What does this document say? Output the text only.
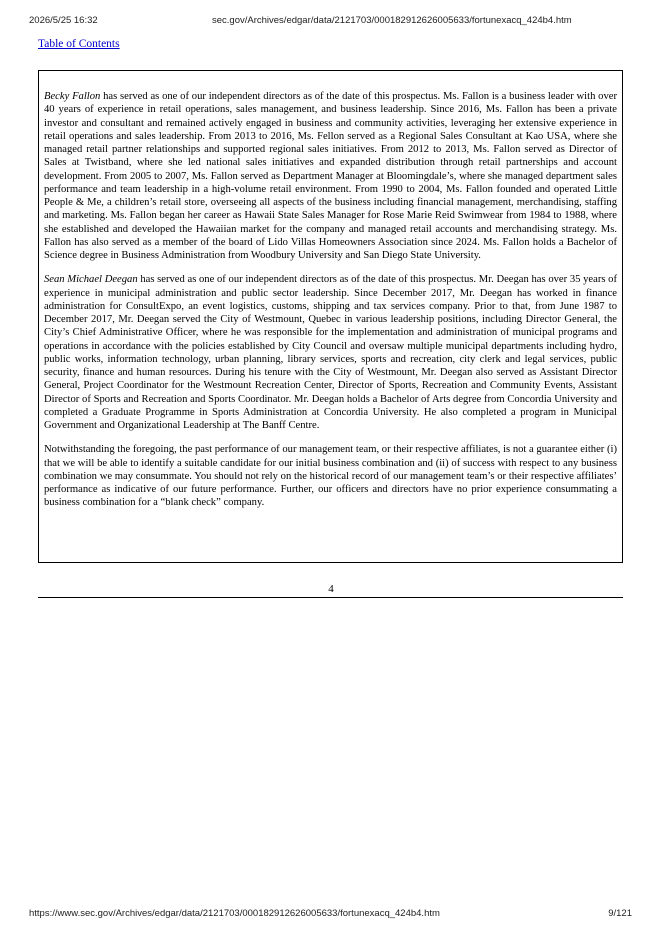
2026/5/25 16:32	sec.gov/Archives/edgar/data/2121703/000182912626005633/fortunexacq_424b4.htm
Table of Contents

Becky Fallon has served as one of our independent directors as of the date of this prospectus. Ms. Fallon is a business leader with over 40 years of experience in retail operations, sales management, and business leadership. Since 2016, Ms. Fallon has been a private investor and consultant and remained actively engaged in business and community activities, leveraging her extensive experience in retail operations and sales leadership. From 2013 to 2016, Ms. Fellon served as a Regional Sales Consultant at Kao USA, where she managed retail partner relationships and supported regional sales initiatives. From 2012 to 2013, Ms. Fallon served as Director of Sales at Twistband, where she led national sales initiatives and expanded distribution through retail partnerships and account development. From 2005 to 2007, Ms. Fallon served as Department Manager at Bloomingdale’s, where she managed department sales performance and team leadership in a high-volume retail environment. From 1990 to 2004, Ms. Fallon founded and operated Little People & Me, a children’s retail store, overseeing all aspects of the business including financial management, merchandising, staffing and marketing. Ms. Fallon began her career as Hawaii State Sales Manager for Rose Marie Reid Swimwear from 1984 to 1988, where she established and developed the Hawaiian market for the company and managed retail accounts and merchandising strategy. Ms. Fallon has also served as a member of the board of Lido Villas Homeowners Association since 2024. Ms. Fallon holds a Bachelor of Science degree in Business Administration from Woodbury University and San Diego State University.

Sean Michael Deegan has served as one of our independent directors as of the date of this prospectus. Mr. Deegan has over 35 years of experience in municipal administration and public sector leadership. Since December 2017, Mr. Deegan has worked in finance administration for ConsultExpo, an event logistics, customs, shipping and tax services company. Prior to that, from June 1987 to December 2017, Mr. Deegan served the City of Westmount, Quebec in various leadership positions, including Director General, the City’s Chief Administrative Officer, where he was responsible for the implementation and administration of municipal programs and operations in accordance with the policies established by City Council and oversaw multiple municipal departments including hydro, public works, information technology, urban planning, library services, sports and recreation, city clerk and legal services, public security, finance and human resources. During his tenure with the City of Westmount, Mr. Deegan also served as Assistant Director General, Project Coordinator for the Westmount Recreation Center, Director of Sports, Recreation and Community Events, Assistant Director of Sports and Recreation and Sports Coordinator. Mr. Deegan holds a Bachelor of Arts degree from Concordia University and completed a Graduate Programme in Sports Administration at Concordia University. He also completed a program in Municipal Government and Organizational Leadership at The Banff Centre.

Notwithstanding the foregoing, the past performance of our management team, or their respective affiliates, is not a guarantee either (i) that we will be able to identify a suitable candidate for our initial business combination and (ii) of success with respect to any business combination we may consummate. You should not rely on the historical record of our management team’s or their respective affiliates’ performance as indicative of our future performance. Further, our officers and directors have no prior experience consummating a business combination for a “blank check” company.

4
https://www.sec.gov/Archives/edgar/data/2121703/000182912626005633/fortunexacq_424b4.htm	9/121
